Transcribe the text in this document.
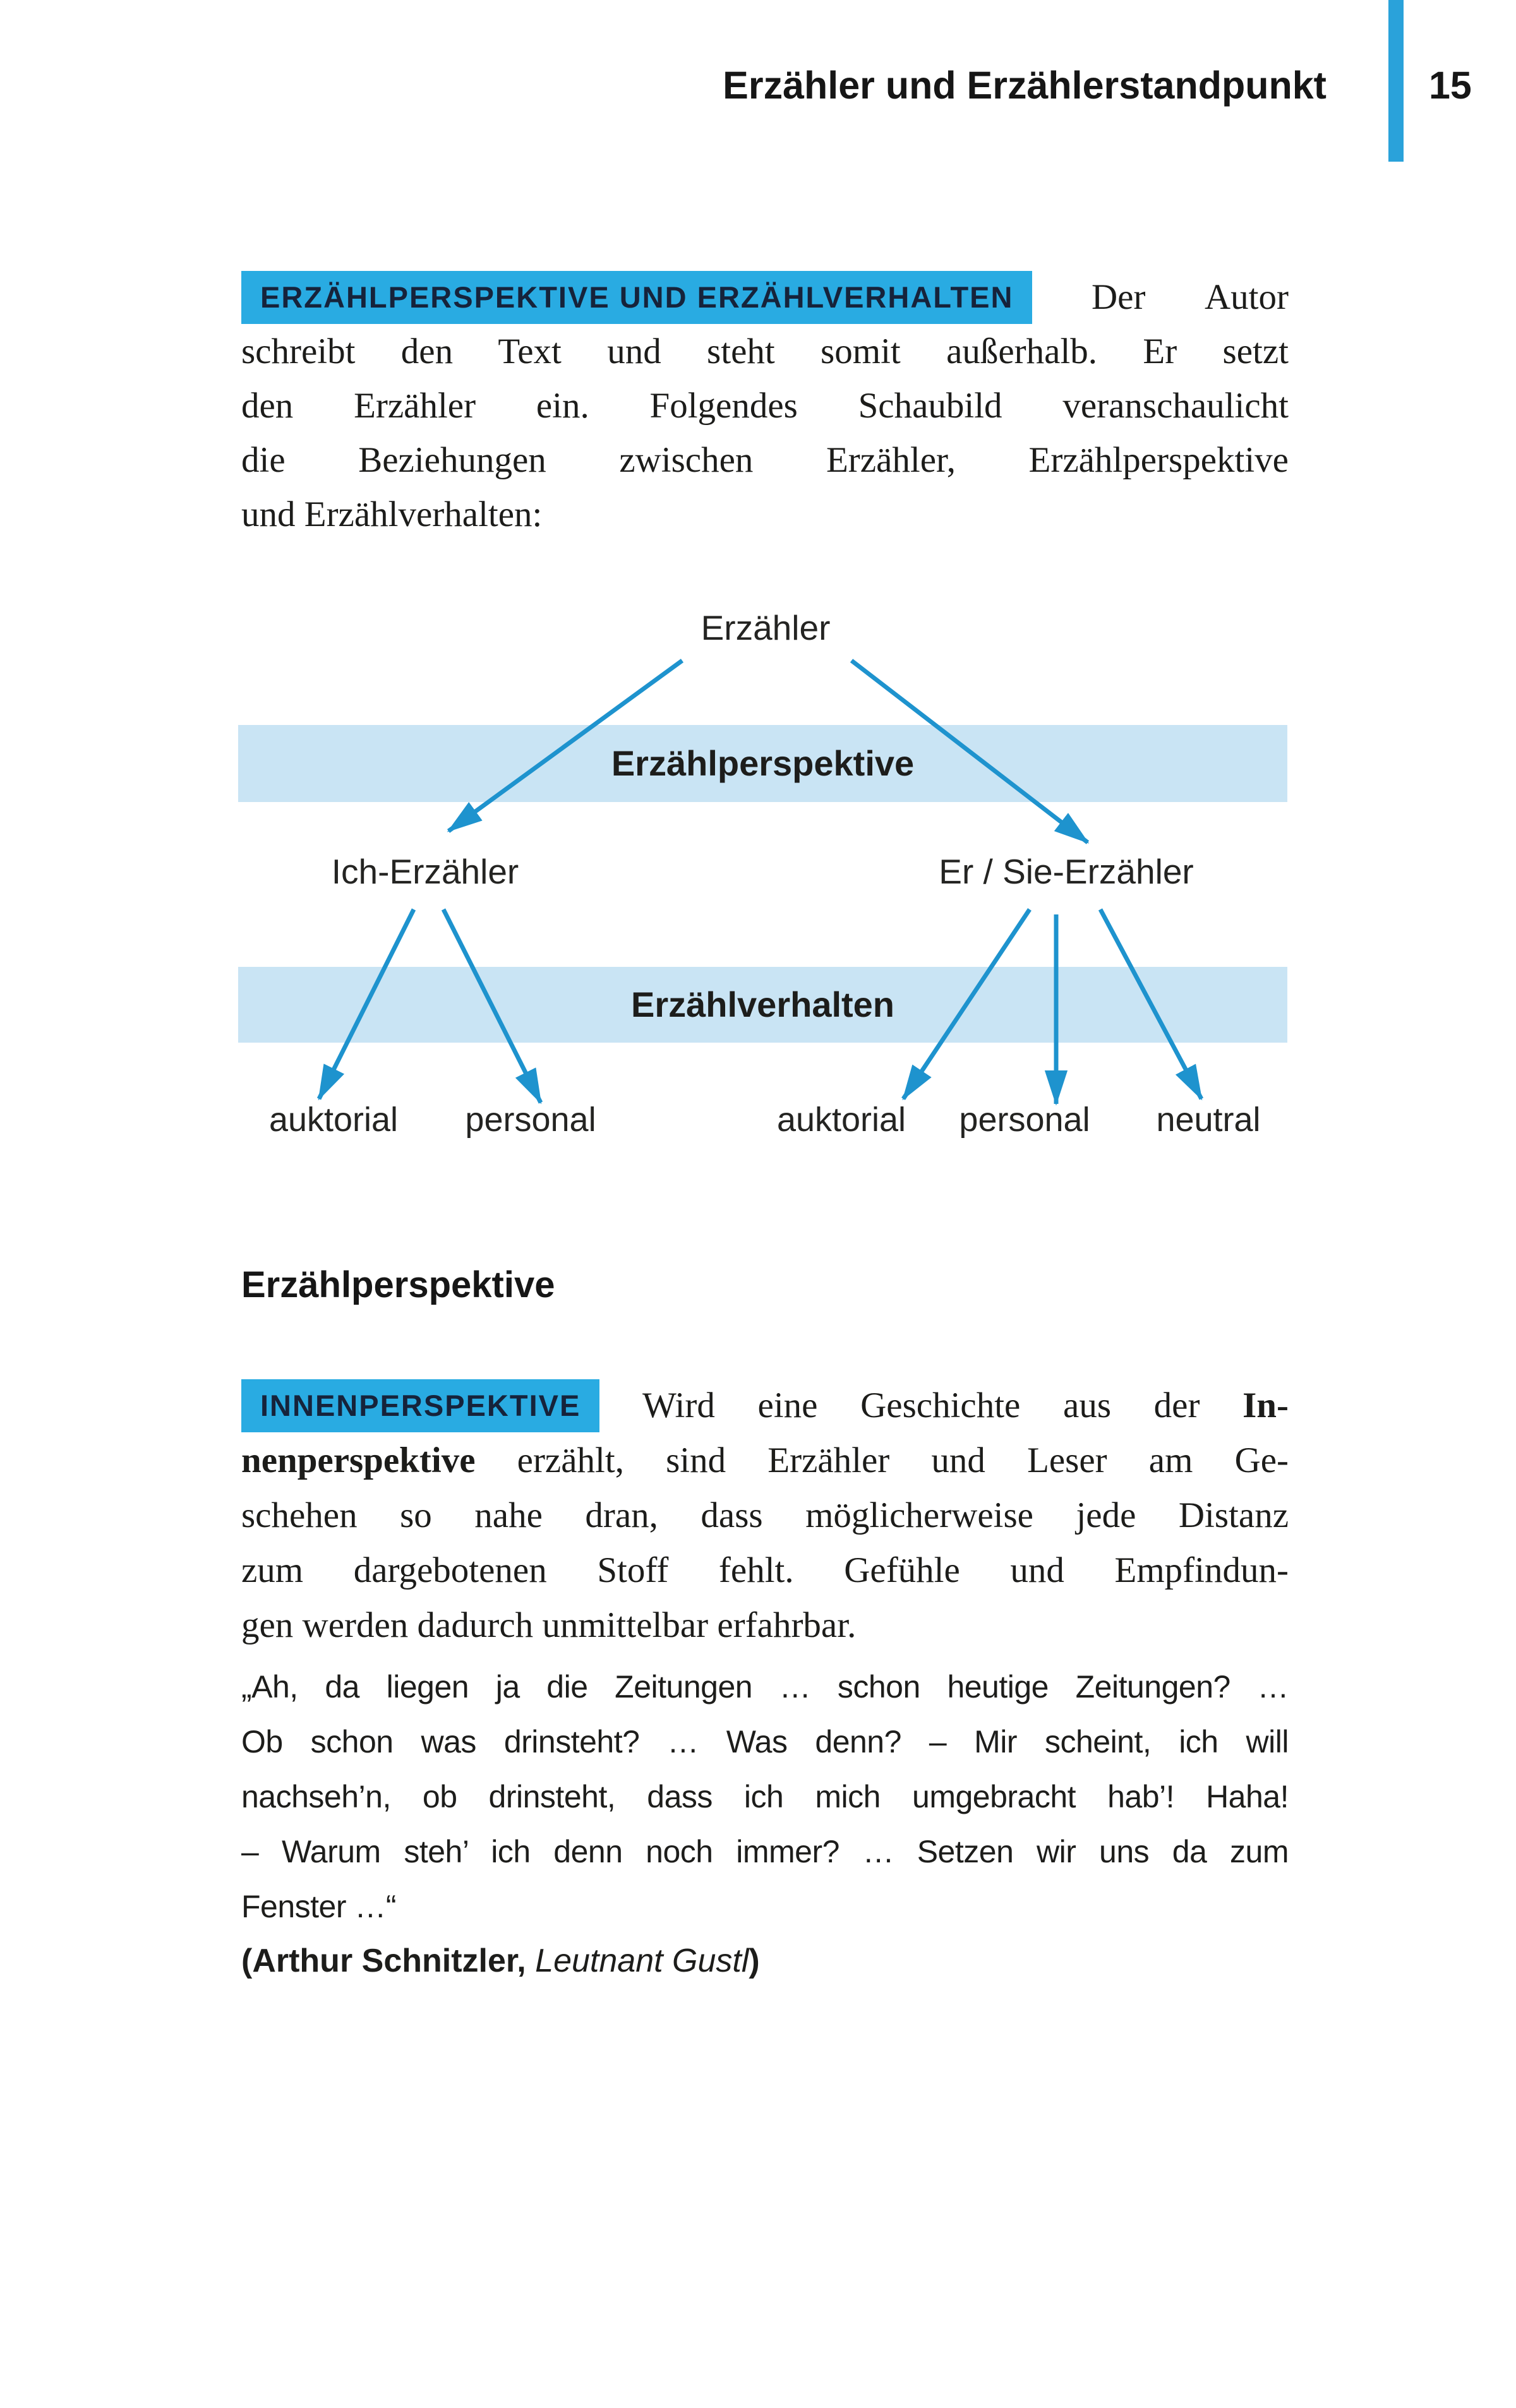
Erzähler und Erzählerstandpunkt	15
ERZÄHLPERSPEKTIVE UND ERZÄHLVERHALTEN	Der Autor
schreibt den Text und steht somit außerhalb. Er setzt
den Erzähler ein. Folgendes Schaubild veranschaulicht
die Beziehungen zwischen Erzähler, Erzählperspektive
und Erzählverhalten:
Erzähler
Erzählperspektive
Ich-Erzähler	Er / Sie-Erzähler
Erzählverhalten
auktorial personal	auktorial personal neutral
Erzählperspektive
INNENPERSPEKTIVE	Wird eine Geschichte aus der In-
nenperspektive erzählt, sind Erzähler und Leser am Ge-
schehen so nahe dran, dass möglicherweise jede Distanz
zum dargebotenen Stoff fehlt. Gefühle und Empfindun-
gen werden dadurch unmittelbar erfahrbar.
„Ah, da liegen ja die Zeitungen … schon heutige Zeitungen? …
Ob schon was drinsteht? … Was denn? – Mir scheint, ich will
nachseh’n, ob drinsteht, dass ich mich umgebracht hab’! Haha!
– Warum steh’ ich denn noch immer? … Setzen wir uns da zum
Fenster …“
(Arthur Schnitzler, Leutnant Gustl)
